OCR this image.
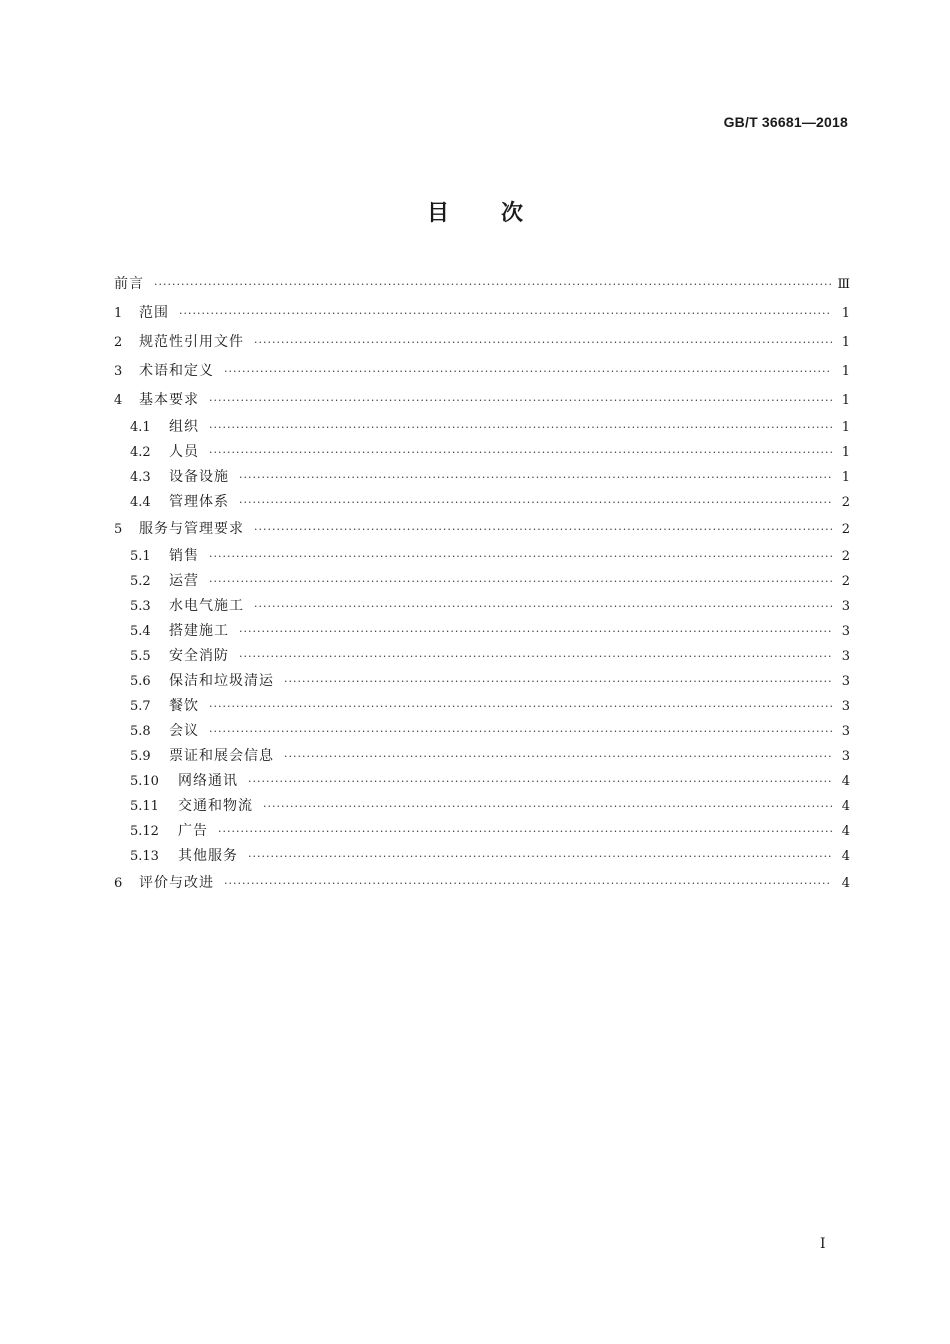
GB/T 36681—2018
目 次
前言 ·····	Ⅲ
1	范围 ·····	1
2	规范性引用文件 ·····	1
3	术语和定义 ·····	1
4	基本要求 ·····	1
4.1	组织 ·····	1
4.2	人员 ·····	1
4.3	设备设施 ·····	1
4.4	管理体系 ·····	2
5	服务与管理要求 ·····	2
5.1	销售 ·····	2
5.2	运营 ·····	2
5.3	水电气施工 ·····	3
5.4	搭建施工 ·····	3
5.5	安全消防 ·····	3
5.6	保洁和垃圾清运 ·····	3
5.7	餐饮 ·····	3
5.8	会议 ·····	3
5.9	票证和展会信息 ·····	3
5.10	网络通讯 ·····	4
5.11	交通和物流 ·····	4
5.12	广告 ·····	4
5.13	其他服务 ·····	4
6	评价与改进 ·····	4
I
